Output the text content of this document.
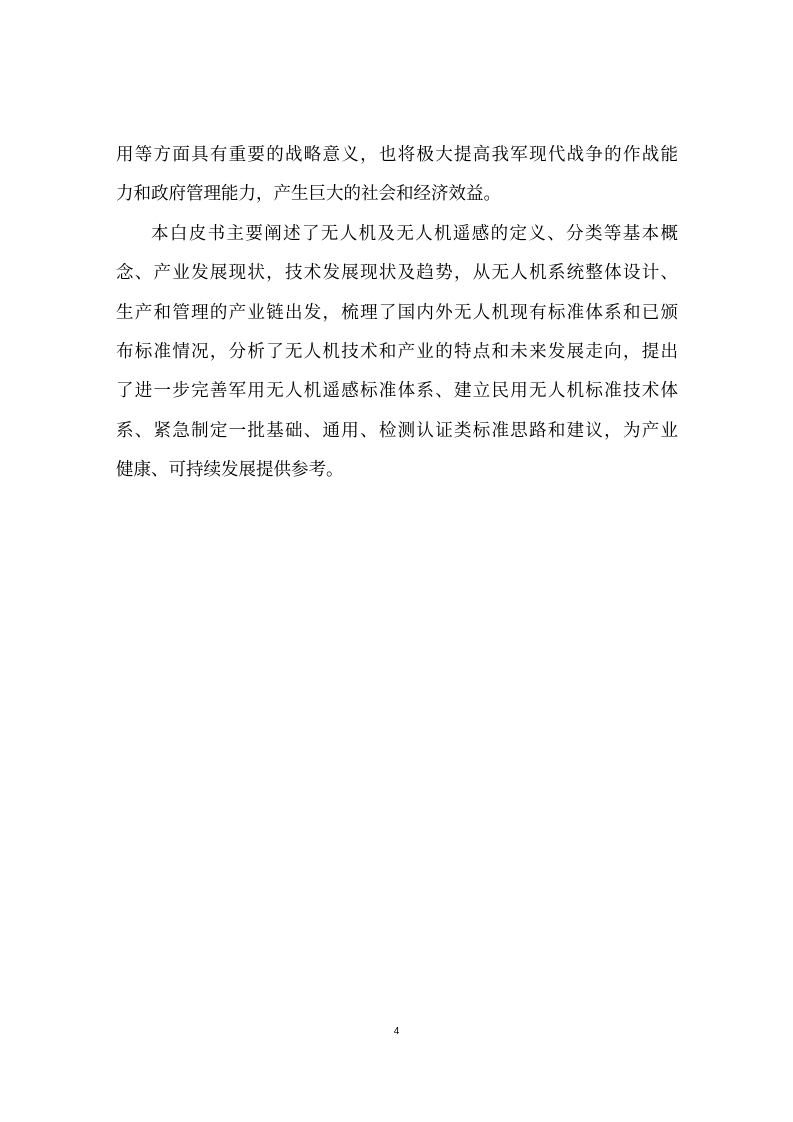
用等方面具有重要的战略意义，也将极大提高我军现代战争的作战能
力和政府管理能力，产生巨大的社会和经济效益。
本白皮书主要阐述了无人机及无人机遥感的定义、分类等基本概
念、产业发展现状，技术发展现状及趋势，从无人机系统整体设计、
生产和管理的产业链出发，梳理了国内外无人机现有标准体系和已颁
布标准情况，分析了无人机技术和产业的特点和未来发展走向，提出
了进一步完善军用无人机遥感标准体系、建立民用无人机标准技术体
系、紧急制定一批基础、通用、检测认证类标准思路和建议，为产业
健康、可持续发展提供参考。
4
